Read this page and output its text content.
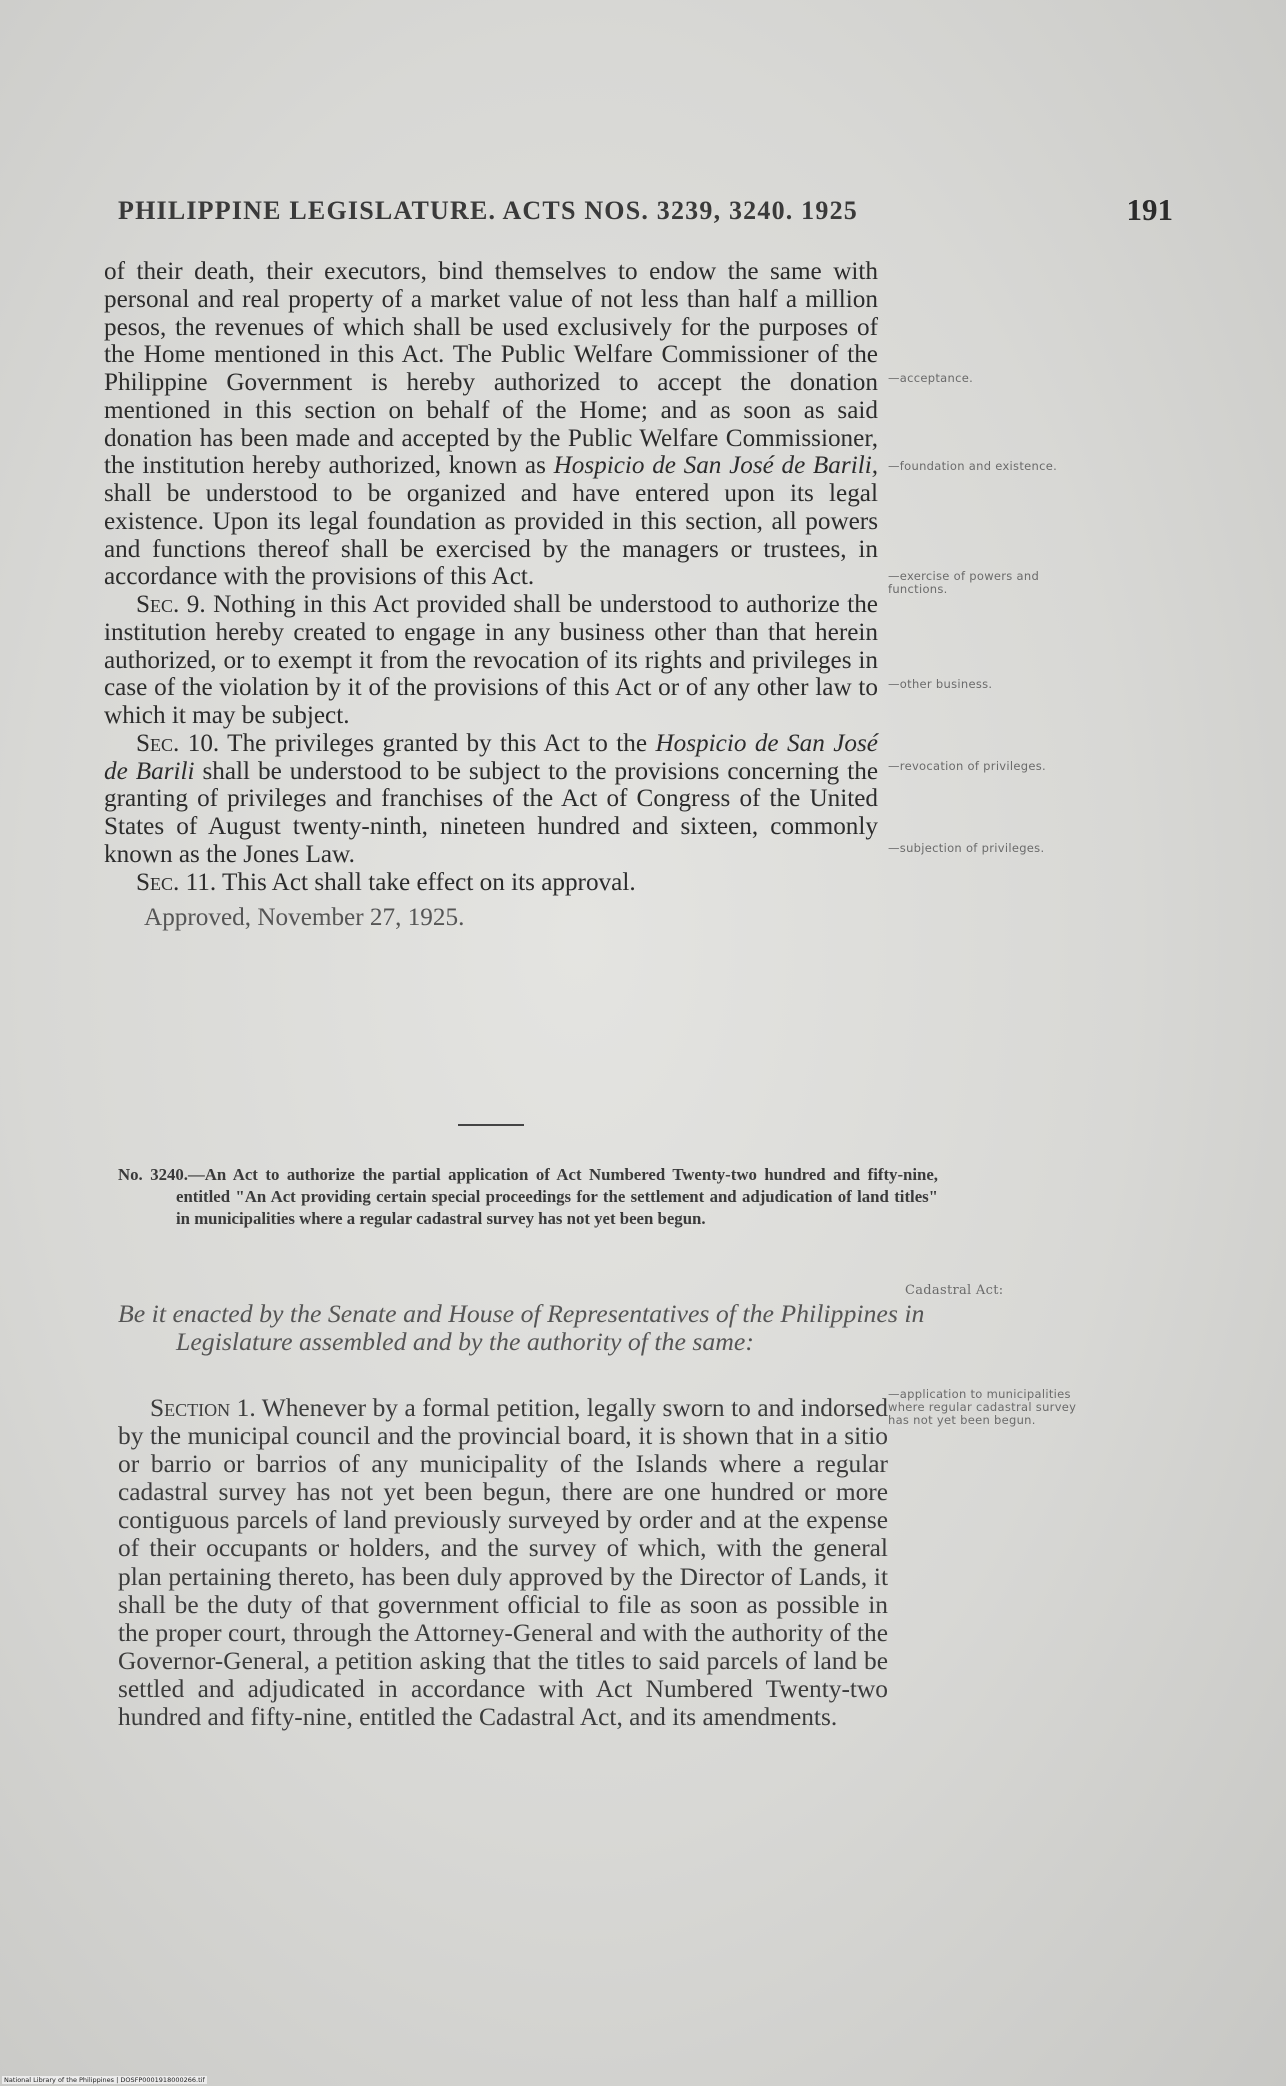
PHILIPPINE LEGISLATURE. ACTS NOS. 3239, 3240. 1925	191

of their death, their executors, bind themselves to endow the same with personal and real property of a market value of not less than half a million pesos, the revenues of which shall be used exclusively for the purposes of the Home mentioned in this Act. The Public Welfare Commissioner of the Philippine Government is hereby authorized to accept the donation mentioned in this section on behalf of the Home; and as soon as said donation has been made and accepted by the Public Welfare Commissioner, the institution hereby authorized, known as Hospicio de San José de Barili, shall be understood to be organized and have entered upon its legal existence. Upon its legal foundation as provided in this section, all powers and functions thereof shall be exercised by the managers or trustees, in accordance with the provisions of this Act.

Sec. 9. Nothing in this Act provided shall be understood to authorize the institution hereby created to engage in any business other than that herein authorized, or to exempt it from the revocation of its rights and privileges in case of the violation by it of the provisions of this Act or of any other law to which it may be subject.

Sec. 10. The privileges granted by this Act to the Hospicio de San José de Barili shall be understood to be subject to the provisions concerning the granting of privileges and franchises of the Act of Congress of the United States of August twenty-ninth, nineteen hundred and sixteen, commonly known as the Jones Law.

Sec. 11. This Act shall take effect on its approval.

Approved, November 27, 1925.

No. 3240.—An Act to authorize the partial application of Act Numbered Twenty-two hundred and fifty-nine, entitled "An Act providing certain special proceedings for the settlement and adjudication of land titles" in municipalities where a regular cadastral survey has not yet been begun.
Be it enacted by the Senate and House of Representatives of the Philippines in Legislature assembled and by the authority of the same:

Section 1. Whenever by a formal petition, legally sworn to and indorsed by the municipal council and the provincial board, it is shown that in a sitio or barrio or barrios of any municipality of the Islands where a regular cadastral survey has not yet been begun, there are one hundred or more contiguous parcels of land previously surveyed by order and at the expense of their occupants or holders, and the survey of which, with the general plan pertaining thereto, has been duly approved by the Director of Lands, it shall be the duty of that government official to file as soon as possible in the proper court, through the Attorney-General and with the authority of the Governor-General, a petition asking that the titles to said parcels of land be settled and adjudicated in accordance with Act Numbered Twenty-two hundred and fifty-nine, entitled the Cadastral Act, and its amendments.

—acceptance.
—foundation and existence.
—exercise of powers and functions.
—other business.
—revocation of privileges.
—subjection of privileges.
Cadastral Act:
—application to municipalities where regular cadastral survey has not yet been begun.
National Library of the Philippines | DOSFP0001918000266.tif
